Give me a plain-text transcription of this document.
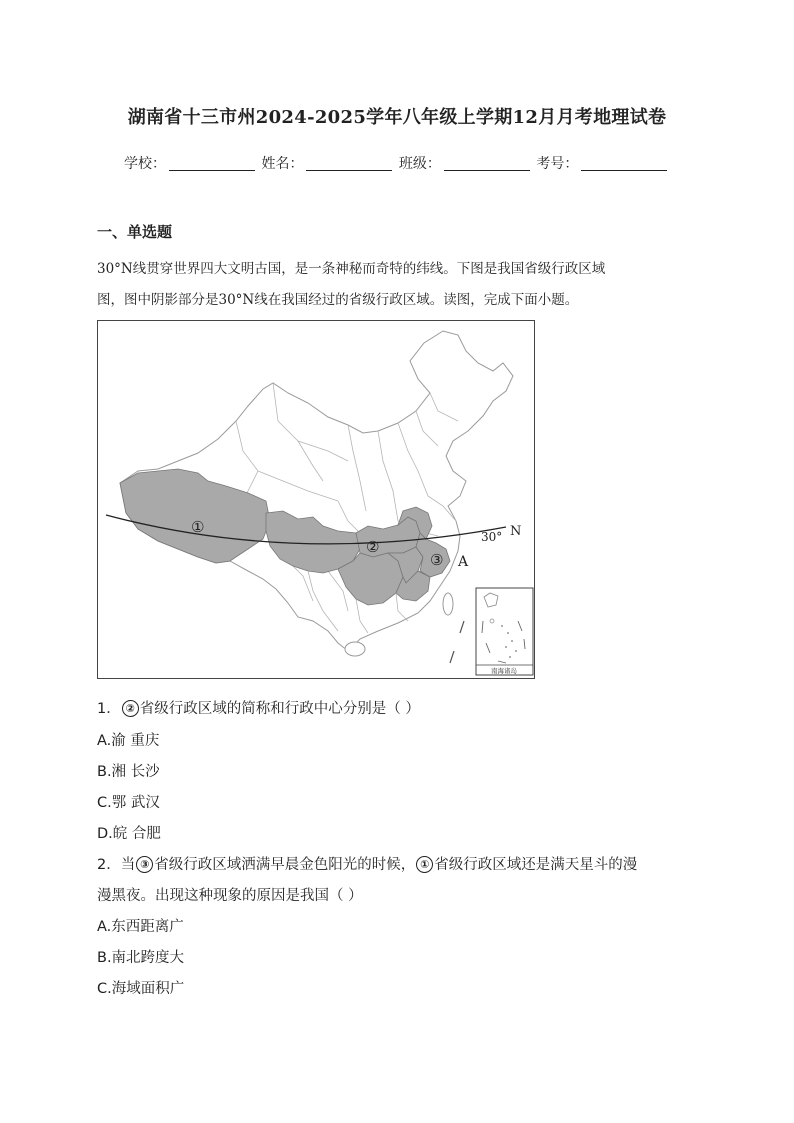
湖南省十三市州2024-2025学年八年级上学期12月月考地理试卷
学校：	姓名：	班级：	考号：
一、单选题
30°N线贯穿世界四大文明古国，是一条神秘而奇特的纬线。下图是我国省级行政区域
图，图中阴影部分是30°N线在我国经过的省级行政区域。读图，完成下面小题。
30° N
①
②
③ A
南海诸岛
1． ② 省级行政区域的简称和行政中心分别是（ ）
A.渝 重庆
B.湘 长沙
C.鄂 武汉
D.皖 合肥
2．当 ③ 省级行政区域洒满早晨金色阳光的时候， ① 省级行政区域还是满天星斗的漫
漫黑夜。出现这种现象的原因是我国（ ）
A.东西距离广
B.南北跨度大
C.海域面积广
